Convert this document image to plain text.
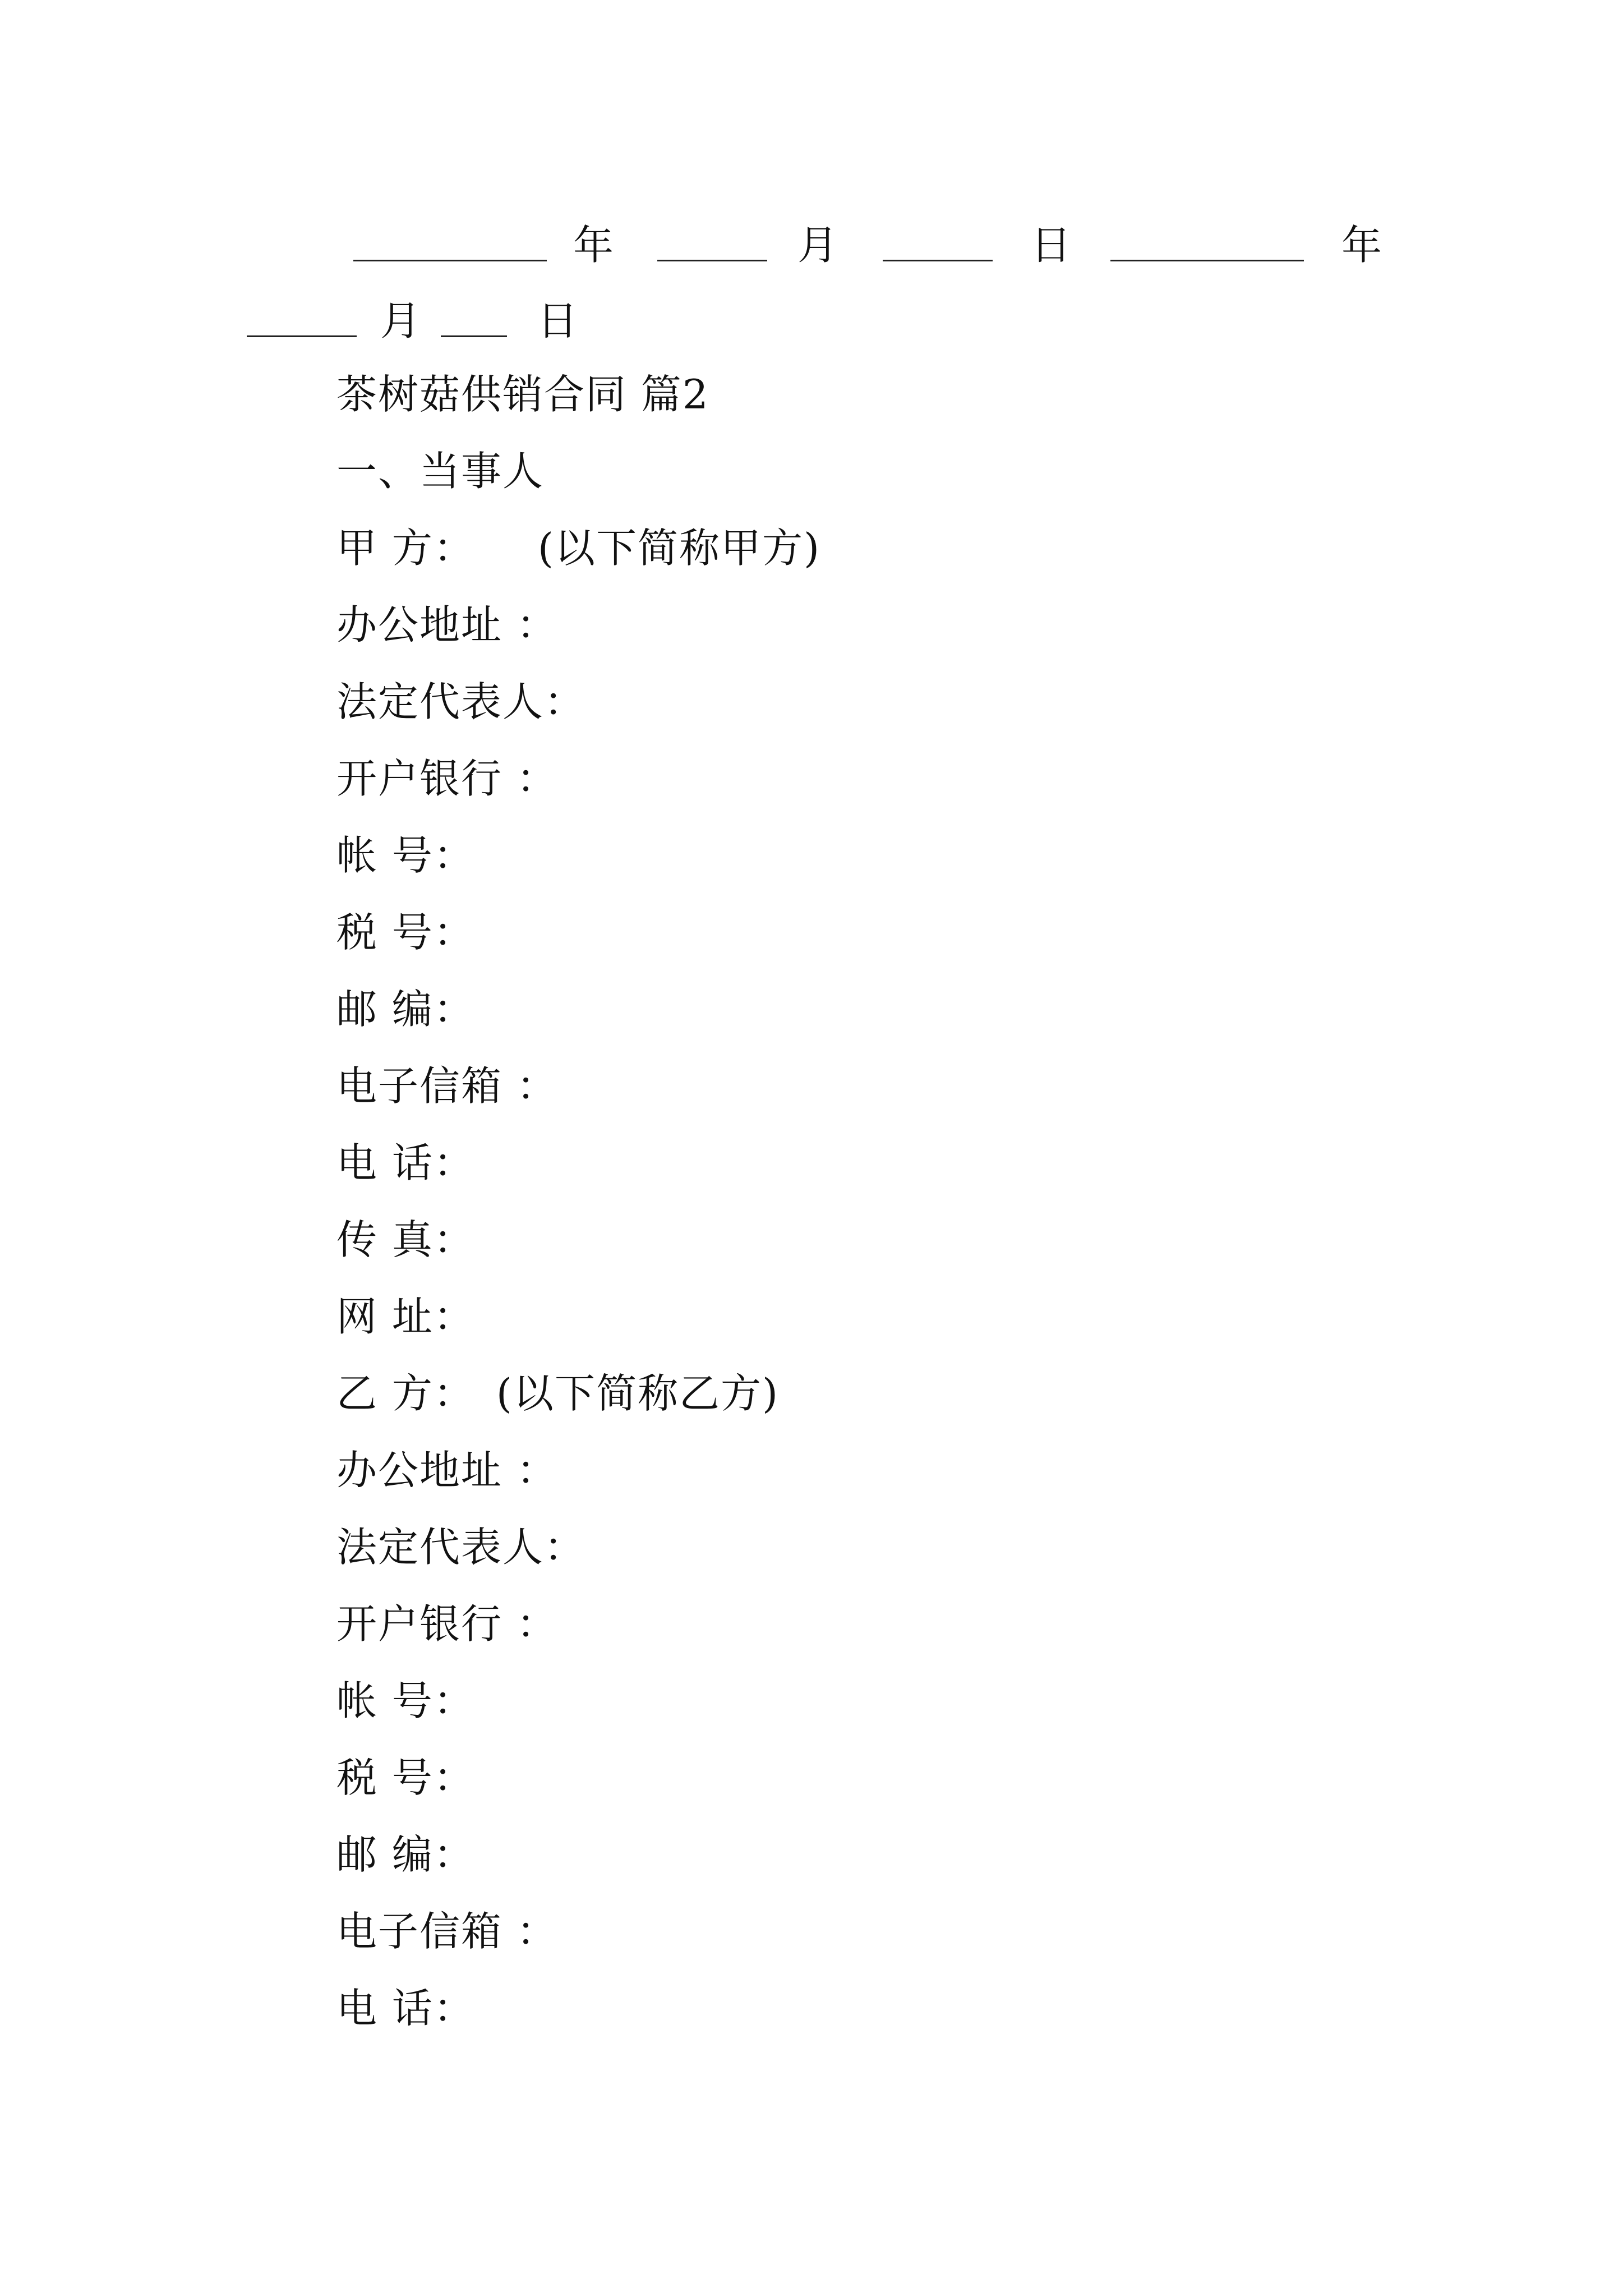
年	月	日	年
月	日
茶树菇供销合同 篇2
一、当事人
甲 方：　　(以下简称甲方)
办公地址 ：
法定代表人：
开户银行 ：
帐 号：
税 号：
邮 编：
电子信箱 ：
电 话：
传 真：
网 址：
乙 方：　(以下简称乙方)
办公地址 ：
法定代表人：
开户银行 ：
帐 号：
税 号：
邮 编：
电子信箱 ：
电 话：
